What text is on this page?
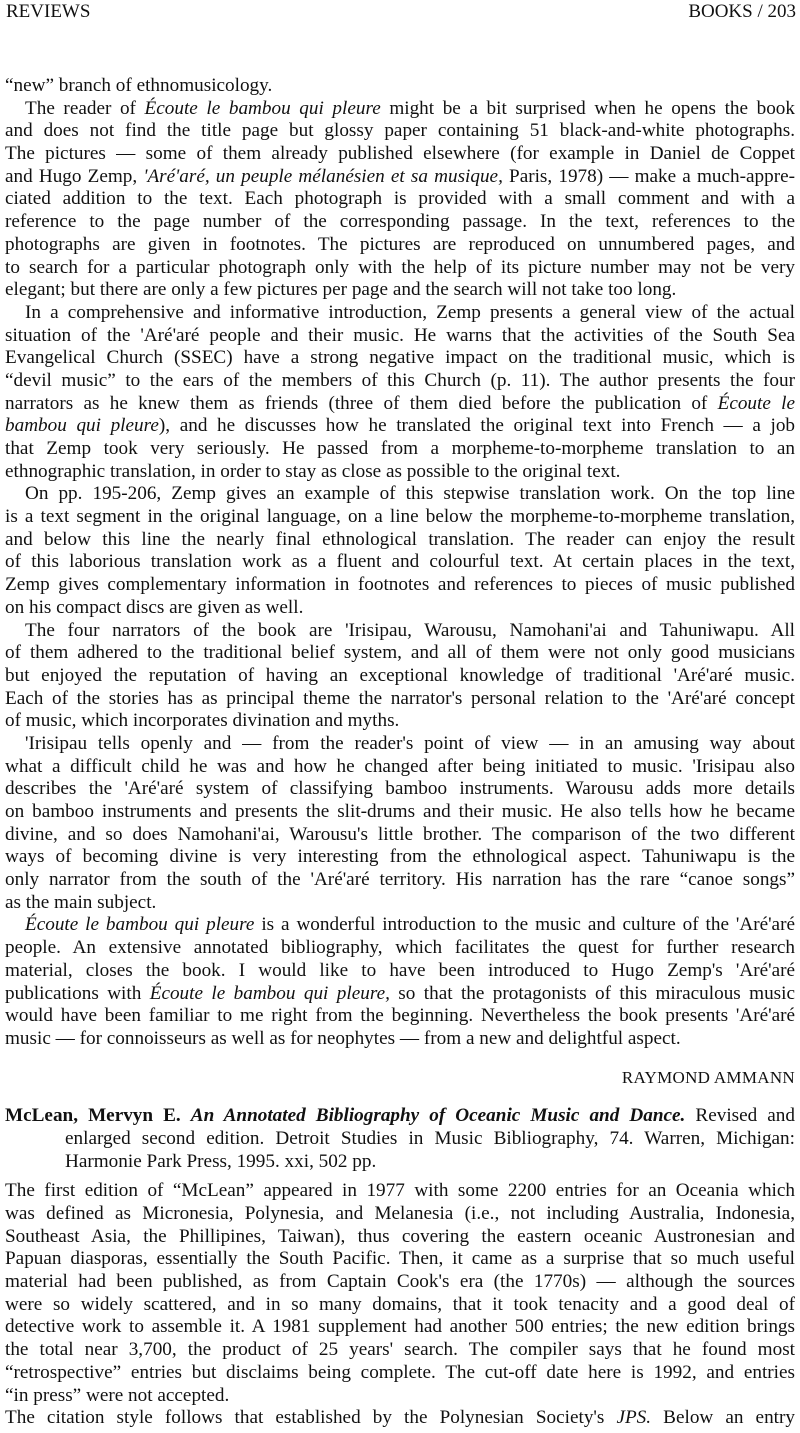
REVIEWS	BOOKS / 203
“new” branch of ethnomusicology.
The reader of Écoute le bambou qui pleure might be a bit surprised when he opens the book
and does not find the title page but glossy paper containing 51 black-and-white photographs.
The pictures — some of them already published elsewhere (for example in Daniel de Coppet
and Hugo Zemp, 'Aré'aré, un peuple mélanésien et sa musique, Paris, 1978) — make a much-appre-
ciated addition to the text. Each photograph is provided with a small comment and with a
reference to the page number of the corresponding passage. In the text, references to the
photographs are given in footnotes. The pictures are reproduced on unnumbered pages, and
to search for a particular photograph only with the help of its picture number may not be very
elegant; but there are only a few pictures per page and the search will not take too long.
In a comprehensive and informative introduction, Zemp presents a general view of the actual
situation of the 'Aré'aré people and their music. He warns that the activities of the South Sea
Evangelical Church (SSEC) have a strong negative impact on the traditional music, which is
“devil music” to the ears of the members of this Church (p. 11). The author presents the four
narrators as he knew them as friends (three of them died before the publication of Écoute le
bambou qui pleure), and he discusses how he translated the original text into French — a job
that Zemp took very seriously. He passed from a morpheme-to-morpheme translation to an
ethnographic translation, in order to stay as close as possible to the original text.
On pp. 195-206, Zemp gives an example of this stepwise translation work. On the top line
is a text segment in the original language, on a line below the morpheme-to-morpheme translation,
and below this line the nearly final ethnological translation. The reader can enjoy the result
of this laborious translation work as a fluent and colourful text. At certain places in the text,
Zemp gives complementary information in footnotes and references to pieces of music published
on his compact discs are given as well.
The four narrators of the book are 'Irisipau, Warousu, Namohani'ai and Tahuniwapu. All
of them adhered to the traditional belief system, and all of them were not only good musicians
but enjoyed the reputation of having an exceptional knowledge of traditional 'Aré'aré music.
Each of the stories has as principal theme the narrator's personal relation to the 'Aré'aré concept
of music, which incorporates divination and myths.
'Irisipau tells openly and — from the reader's point of view — in an amusing way about
what a difficult child he was and how he changed after being initiated to music. 'Irisipau also
describes the 'Aré'aré system of classifying bamboo instruments. Warousu adds more details
on bamboo instruments and presents the slit-drums and their music. He also tells how he became
divine, and so does Namohani'ai, Warousu's little brother. The comparison of the two different
ways of becoming divine is very interesting from the ethnological aspect. Tahuniwapu is the
only narrator from the south of the 'Aré'aré territory. His narration has the rare “canoe songs”
as the main subject.
Écoute le bambou qui pleure is a wonderful introduction to the music and culture of the 'Aré'aré
people. An extensive annotated bibliography, which facilitates the quest for further research
material, closes the book. I would like to have been introduced to Hugo Zemp's 'Aré'aré
publications with Écoute le bambou qui pleure, so that the protagonists of this miraculous music
would have been familiar to me right from the beginning. Nevertheless the book presents 'Aré'aré
music — for connoisseurs as well as for neophytes — from a new and delightful aspect.
RAYMOND AMMANN
McLean, Mervyn E. An Annotated Bibliography of Oceanic Music and Dance. Revised and
enlarged second edition. Detroit Studies in Music Bibliography, 74. Warren, Michigan:
Harmonie Park Press, 1995. xxi, 502 pp.
The first edition of “McLean” appeared in 1977 with some 2200 entries for an Oceania which
was defined as Micronesia, Polynesia, and Melanesia (i.e., not including Australia, Indonesia,
Southeast Asia, the Phillipines, Taiwan), thus covering the eastern oceanic Austronesian and
Papuan diasporas, essentially the South Pacific. Then, it came as a surprise that so much useful
material had been published, as from Captain Cook's era (the 1770s) — although the sources
were so widely scattered, and in so many domains, that it took tenacity and a good deal of
detective work to assemble it. A 1981 supplement had another 500 entries; the new edition brings
the total near 3,700, the product of 25 years' search. The compiler says that he found most
“retrospective” entries but disclaims being complete. The cut-off date here is 1992, and entries
“in press” were not accepted.
The citation style follows that established by the Polynesian Society's JPS. Below an entry
